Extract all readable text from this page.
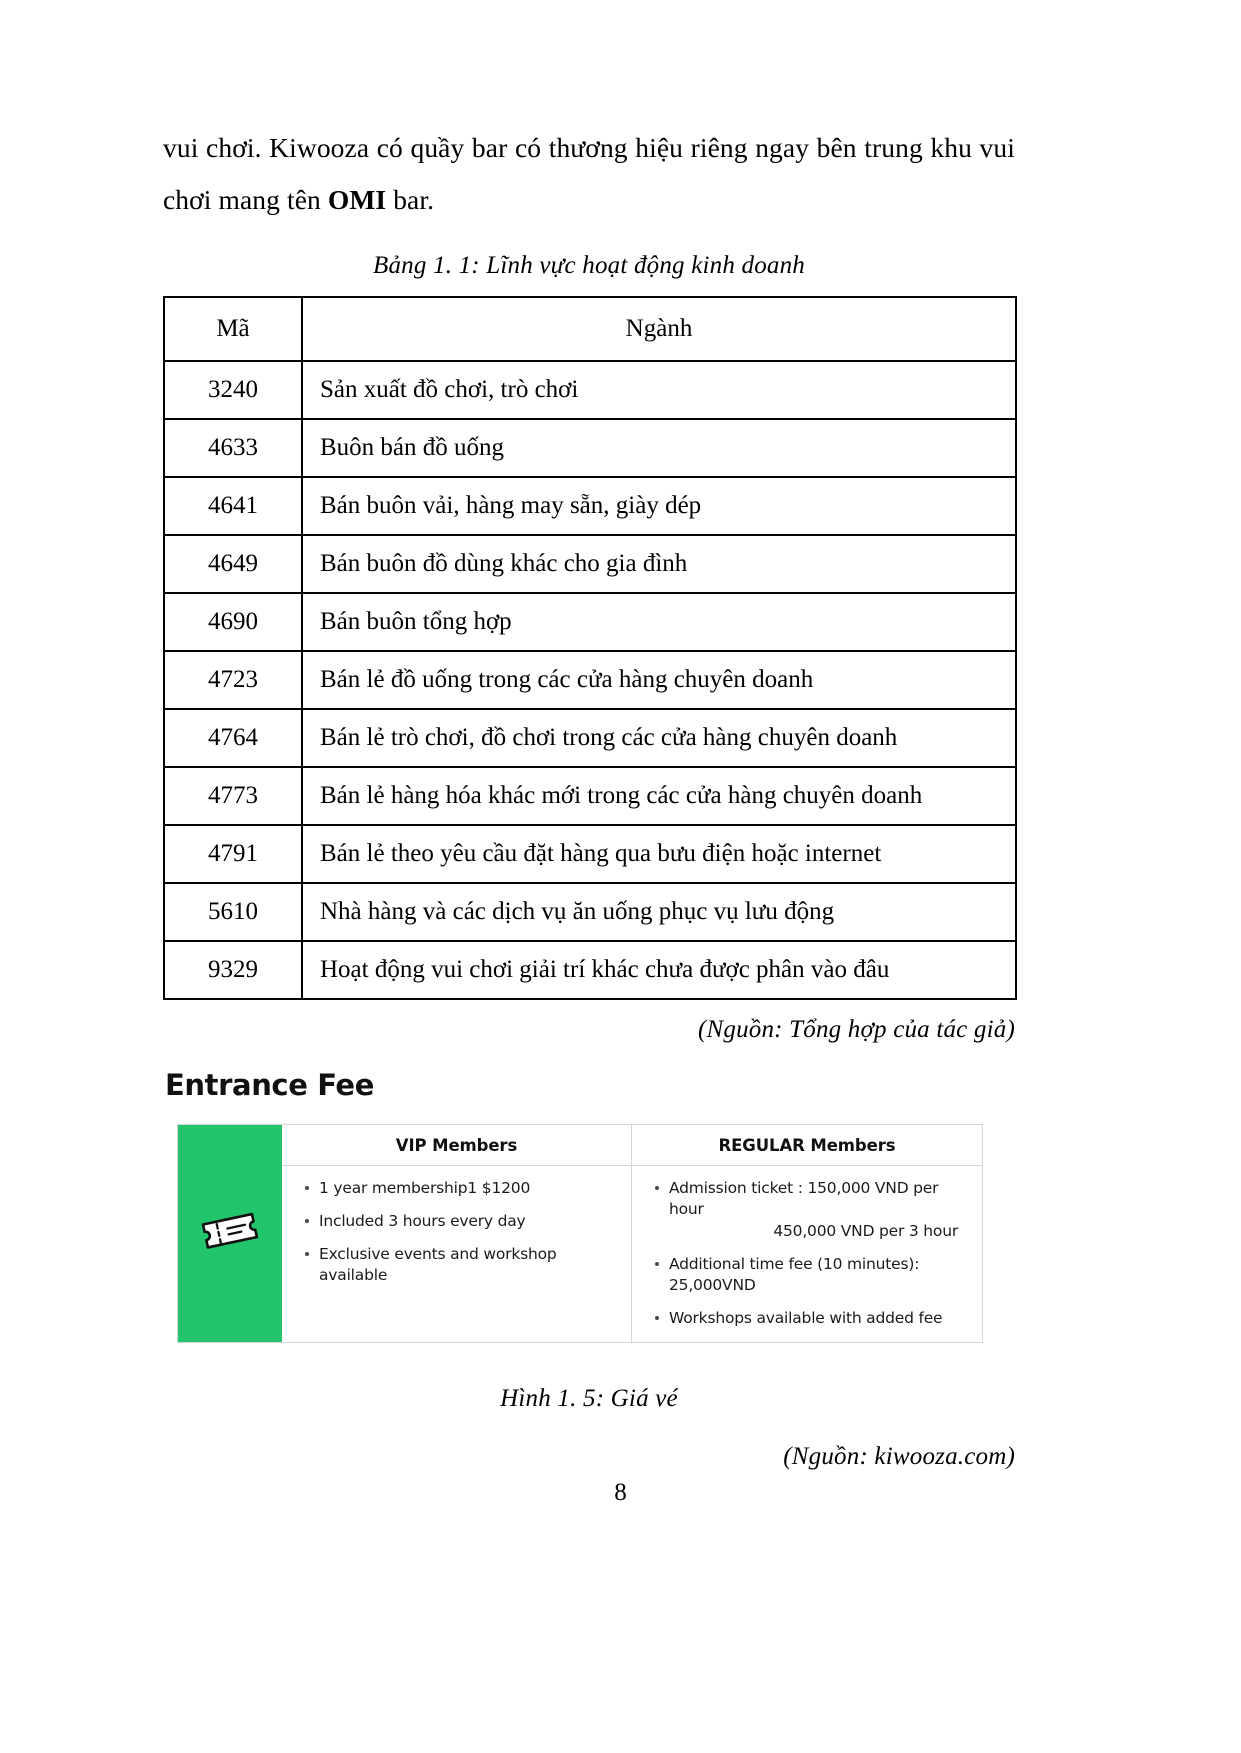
vui chơi. Kiwooza có quầy bar có thương hiệu riêng ngay bên trung khu vui chơi mang tên OMI bar.

Bảng 1. 1: Lĩnh vực hoạt động kinh doanh

Mã	Ngành
3240	Sản xuất đồ chơi, trò chơi
4633	Buôn bán đồ uống
4641	Bán buôn vải, hàng may sẵn, giày dép
4649	Bán buôn đồ dùng khác cho gia đình
4690	Bán buôn tổng hợp
4723	Bán lẻ đồ uống trong các cửa hàng chuyên doanh
4764	Bán lẻ trò chơi, đồ chơi trong các cửa hàng chuyên doanh
4773	Bán lẻ hàng hóa khác mới trong các cửa hàng chuyên doanh
4791	Bán lẻ theo yêu cầu đặt hàng qua bưu điện hoặc internet
5610	Nhà hàng và các dịch vụ ăn uống phục vụ lưu động
9329	Hoạt động vui chơi giải trí khác chưa được phân vào đâu

(Nguồn: Tổng hợp của tác giả)

Entrance Fee
VIP Members
1 year membership1 $1200
Included 3 hours every day
Exclusive events and workshop available
REGULAR Members
Admission ticket : 150,000 VND per hour
450,000 VND per 3 hour
Additional time fee (10 minutes): 25,000VND
Workshops available with added fee

Hình 1. 5: Giá vé

(Nguồn: kiwooza.com)

8
